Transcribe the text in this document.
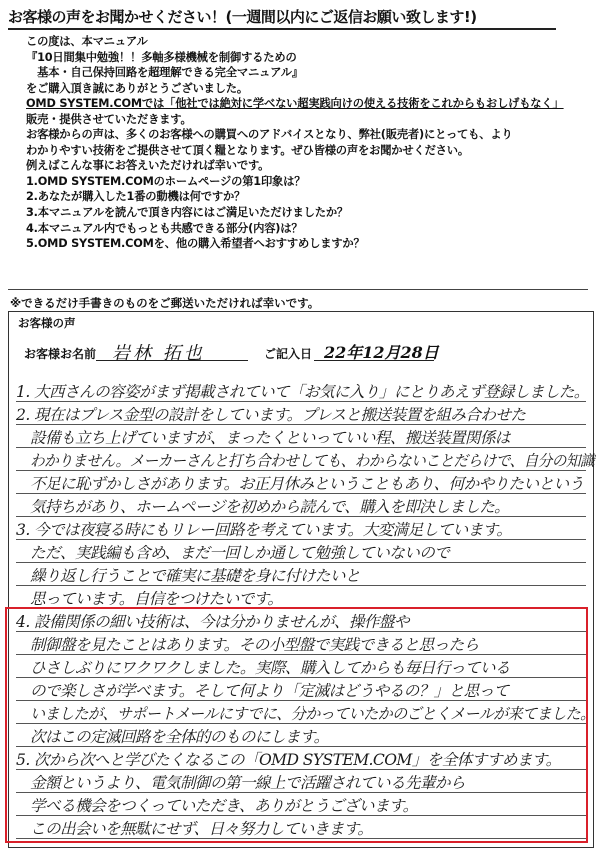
お客様の声をお聞かせください！(一週間以内にご返信お願い致します!)
この度は、本マニュアル
『10日間集中勉強！！多軸多様機械を制御するための
　基本・自己保持回路を超理解できる完全マニュアル』
をご購入頂き誠にありがとうございました。
OMD SYSTEM.COMでは「他社では絶対に学べない超実践向けの使える技術をこれからもおしげもなく」
販売・提供させていただきます。
お客様からの声は、多くのお客様への購買へのアドバイスとなり、弊社(販売者)にとっても、より
わかりやすい技術をご提供させて頂く糧となります。ぜひ皆様の声をお聞かせください。
例えばこんな事にお答えいただければ幸いです。
1.OMD SYSTEM.COMのホームページの第1印象は？
2.あなたが購入した1番の動機は何ですか？
3.本マニュアルを読んで頂き内容にはご満足いただけましたか？
4.本マニュアル内でもっとも共感できる部分(内容)は？
5.OMD SYSTEM.COMを、他の購入希望者へおすすめしますか？
※できるだけ手書きのものをご郵送いただければ幸いです。
お客様の声
お客様お名前 岩林 拓也	ご記入日 22年12月28日
1. 大西さんの容姿がまず掲載されていて「お気に入り」にとりあえず登録しました。
2. 現在はプレス金型の設計をしています。プレスと搬送装置を組み合わせた
設備も立ち上げていますが、まったくといっていい程、搬送装置関係は
わかりません。メーカーさんと打ち合わせしても、わからないことだらけで、自分の知識
不足に恥ずかしさがあります。お正月休みということもあり、何かやりたいという
気持ちがあり、ホームページを初めから読んで、購入を即決しました。
3. 今では夜寝る時にもリレー回路を考えています。大変満足しています。
ただ、実践編も含め、まだ一回しか通して勉強していないので
繰り返し行うことで確実に基礎を身に付けたいと
思っています。自信をつけたいです。
4. 設備関係の細い技術は、今は分かりませんが、操作盤や
制御盤を見たことはあります。その小型盤で実践できると思ったら
ひさしぶりにワクワクしました。実際、購入してからも毎日行っている
ので楽しさが学べます。そして何より「定滅はどうやるの？」と思って
いましたが、サポートメールにすでに、分かっていたかのごとくメールが来てました。
次はこの定滅回路を全体的のものにします。
5. 次から次へと学びたくなるこの「OMD SYSTEM.COM」を全体すすめます。
金額というより、電気制御の第一線上で活躍されている先輩から
学べる機会をつくっていただき、ありがとうございます。
この出会いを無駄にせず、日々努力していきます。
